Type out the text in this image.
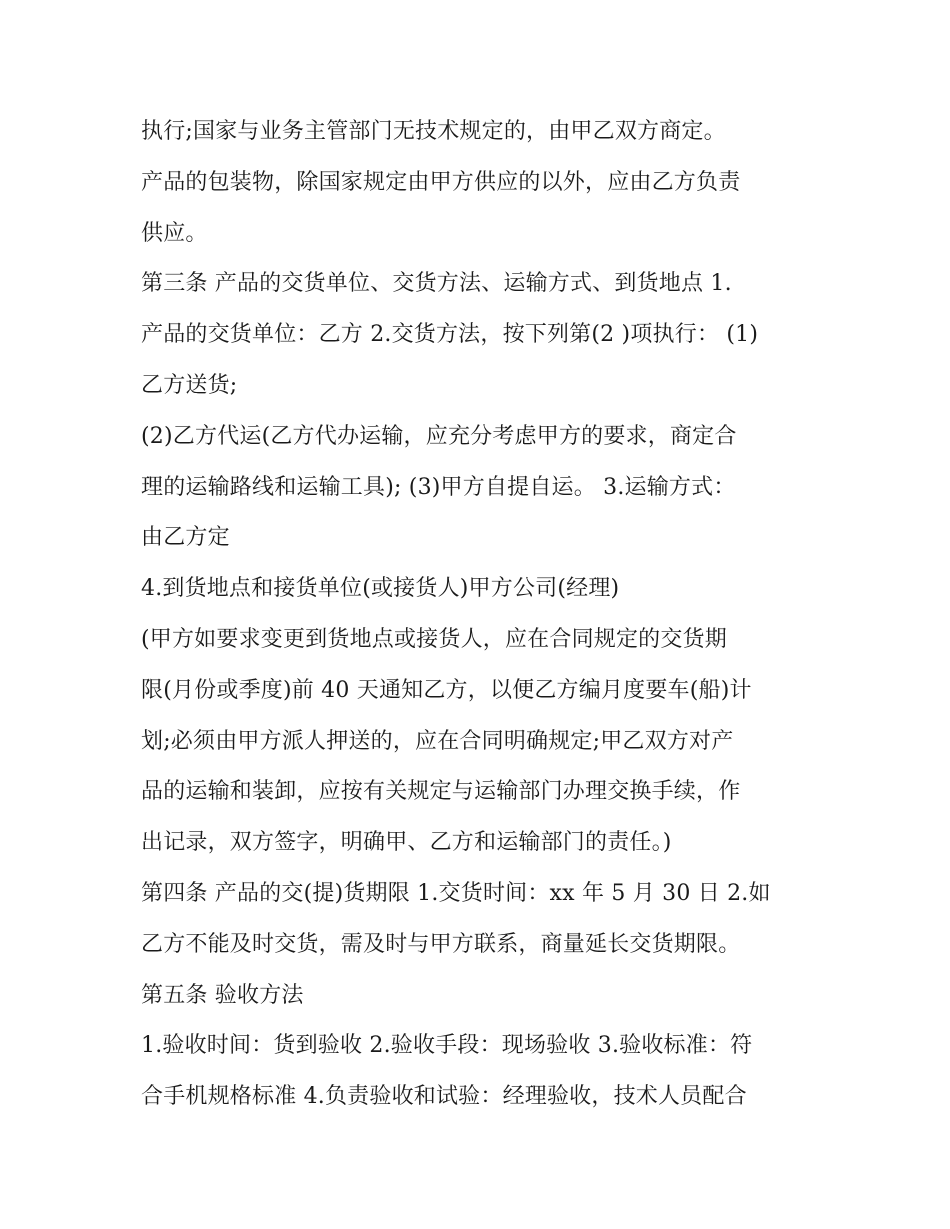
执行;国家与业务主管部门无技术规定的，由甲乙双方商定。
产品的包装物，除国家规定由甲方供应的以外，应由乙方负责
供应。
第三条 产品的交货单位、交货方法、运输方式、到货地点 1.
产品的交货单位：乙方 2.交货方法，按下列第(2 )项执行： (1)
乙方送货;
(2)乙方代运(乙方代办运输，应充分考虑甲方的要求，商定合
理的运输路线和运输工具); (3)甲方自提自运。 3.运输方式：
由乙方定
4.到货地点和接货单位(或接货人)甲方公司(经理)
(甲方如要求变更到货地点或接货人，应在合同规定的交货期
限(月份或季度)前 40 天通知乙方，以便乙方编月度要车(船)计
划;必须由甲方派人押送的，应在合同明确规定;甲乙双方对产
品的运输和装卸，应按有关规定与运输部门办理交换手续，作
出记录，双方签字，明确甲、乙方和运输部门的责任。)
第四条 产品的交(提)货期限 1.交货时间：xx 年 5 月 30 日 2.如
乙方不能及时交货，需及时与甲方联系，商量延长交货期限。
第五条 验收方法
1.验收时间：货到验收 2.验收手段：现场验收 3.验收标准：符
合手机规格标准 4.负责验收和试验：经理验收，技术人员配合
